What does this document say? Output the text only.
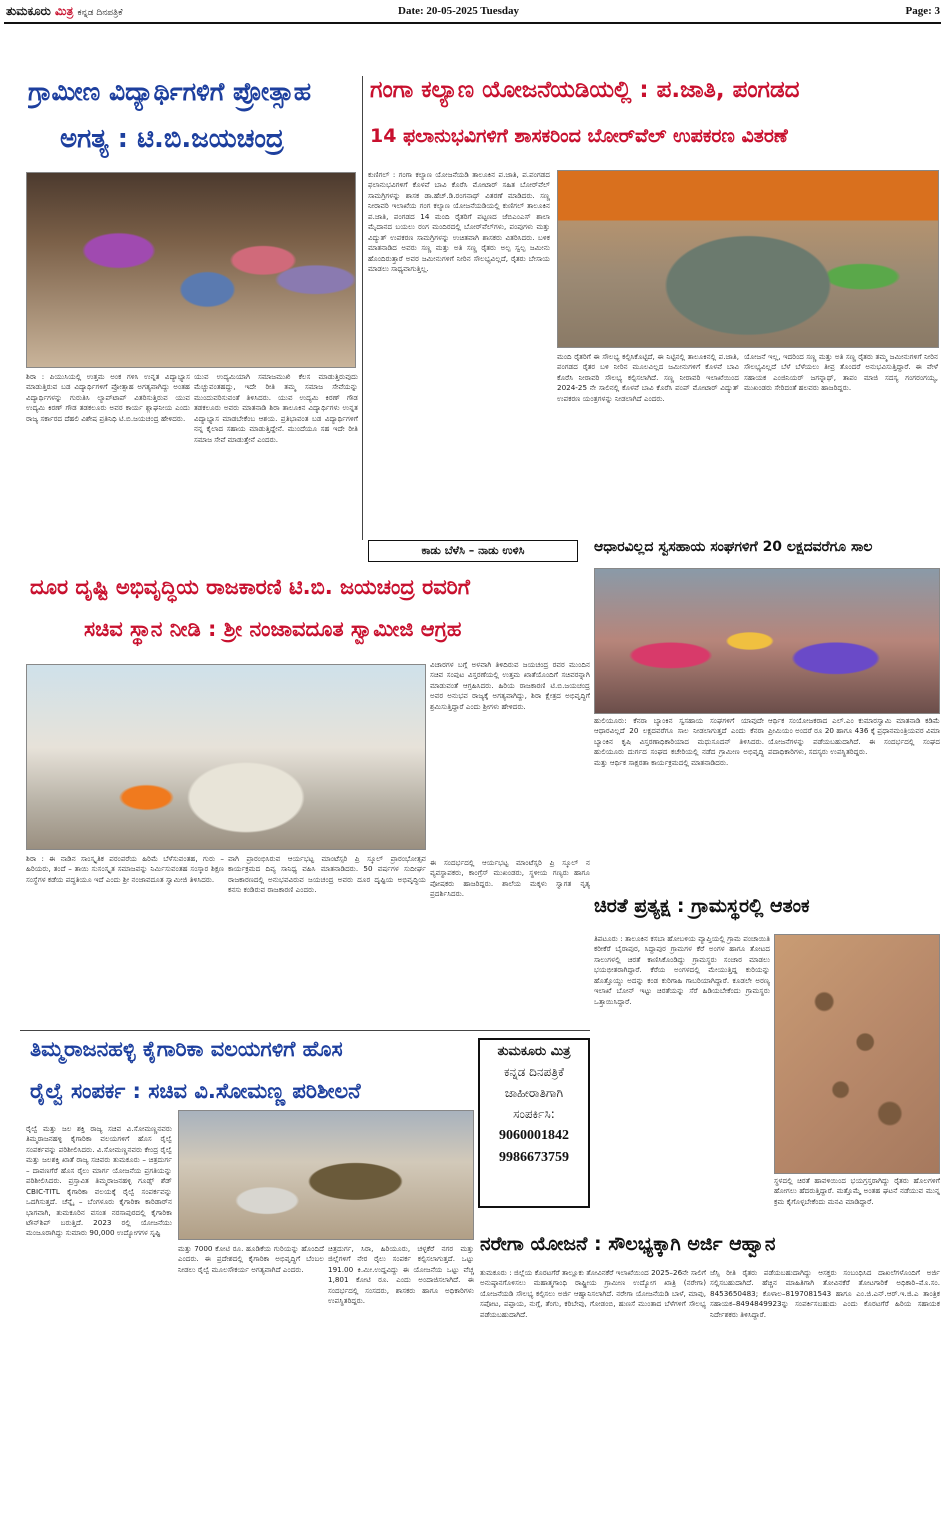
ತುಮಕೂರು ಮಿತ್ರ ಕನ್ನಡ ದಿನಪತ್ರಿಕೆ	Date: 20-05-2025 Tuesday	Page: 3
ಗ್ರಾಮೀಣ ವಿದ್ಯಾರ್ಥಿಗಳಿಗೆ ಪ್ರೋತ್ಸಾಹ
ಅಗತ್ಯ : ಟಿ.ಬಿ.ಜಯಚಂದ್ರ
ಶಿರಾ : ಪಿಯುಸಿಯಲ್ಲಿ ಉತ್ತಮ ಅಂಕ ಗಳಿಸಿ ಉನ್ನತ ವಿದ್ಯಾಭ್ಯಾಸ ಮಾಡುತ್ತಿರುವ ಬಡ ವಿದ್ಯಾರ್ಥಿಗಳಿಗೆ ಪ್ರೋತ್ಸಾಹ ಅಗತ್ಯವಾಗಿದ್ದು ಅಂತಹ ವಿದ್ಯಾರ್ಥಿಗಳನ್ನು ಗುರುತಿಸಿ ಲ್ಯಾಪ್‌ಟಾಪ್ ವಿತರಿಸುತ್ತಿರುವ ಯುವ ಉದ್ಯಮಿ ಕಿರಣ್ ಗೌಡ ತಡಕಲೂರು ಅವರ ಕಾರ್ಯ ಶ್ಲಾಘನೀಯ ಎಂದು ರಾಜ್ಯ ಸರ್ಕಾರದ ದೆಹಲಿ ವಿಶೇಷ ಪ್ರತಿನಿಧಿ ಟಿ.ಬಿ.ಜಯಚಂದ್ರ ಹೇಳಿದರು.
ಯುವ ಉದ್ಯಮಿಯಾಗಿ ಸಮಾಜಮುಖಿ ಕೆಲಸ ಮಾಡುತ್ತಿರುವುದು ಮೆಚ್ಚುವಂತಹದ್ದು, ಇದೇ ರೀತಿ ತಮ್ಮ ಸಮಾಜ ಸೇವೆಯನ್ನು ಮುಂದುವರಿಸುವಂತೆ ತಿಳಿಸಿದರು. ಯುವ ಉದ್ಯಮಿ ಕಿರಣ್ ಗೌಡ ತಡಕಲೂರು ಅವರು ಮಾತನಾಡಿ ಶಿರಾ ತಾಲೂಕಿನ ವಿದ್ಯಾರ್ಥಿಗಳು ಉನ್ನತ ವಿದ್ಯಾಭ್ಯಾಸ ಮಾಡಬೇಕೆಂಬ ಆಶಯ. ಪ್ರತಿಭಾವಂತ ಬಡ ವಿದ್ಯಾರ್ಥಿಗಳಿಗೆ ನನ್ನ ಕೈಲಾದ ಸಹಾಯ ಮಾಡುತ್ತಿದ್ದೇನೆ. ಮುಂದೆಯೂ ಸಹ ಇದೇ ರೀತಿ ಸಮಾಜ ಸೇವೆ ಮಾಡುತ್ತೇನೆ ಎಂದರು.
ಗಂಗಾ ಕಲ್ಯಾಣ ಯೋಜನೆಯಡಿಯಲ್ಲಿ : ಪ.ಜಾತಿ, ಪಂಗಡದ
14 ಫಲಾನುಭವಿಗಳಿಗೆ ಶಾಸಕರಿಂದ ಬೋರ್‌ವೆಲ್ ಉಪಕರಣ ವಿತರಣೆ
ಕುಣಿಗಲ್ : ಗಂಗಾ ಕಲ್ಯಾಣ ಯೋಜನೆಯಡಿ ತಾಲೂಕಿನ ಪ.ಜಾತಿ, ಪ.ಪಂಗಡದ ಫಲಾನುಭವಿಗಳಿಗೆ ಕೊಳವೆ ಬಾವಿ ಕೊರೆಸಿ ಮೋಟಾರ್ ಸಹಿತ ಬೋರ್‌ವೆಲ್ ಸಾಮಗ್ರಿಗಳನ್ನು ಶಾಸಕ ಡಾ.ಹೆಚ್.ಡಿ.ರಂಗನಾಥ್ ವಿತರಣೆ ಮಾಡಿದರು. ಸಣ್ಣ ನೀರಾವರಿ ಇಲಾಖೆಯ ಗಂಗ ಕಲ್ಯಾಣ ಯೋಜನೆಯಡಿಯಲ್ಲಿ ಕುಣಿಗಲ್ ತಾಲೂಕಿನ ಪ.ಜಾತಿ, ಪಂಗಡದ 14 ಮಂದಿ ರೈತರಿಗೆ ಪಟ್ಟಣದ ಜೆಬಿಎಂಎಸ್ ಶಾಲಾ ಮೈದಾನದ ಬಯಲು ರಂಗ ಮಂದಿರದಲ್ಲಿ ಬೋರ್‌ವೆಲ್‌ಗಳು, ಪಂಪುಗಳು ಮತ್ತು ವಿದ್ಯುತ್ ಉಪಕರಣ ಸಾಮಗ್ರಿಗಳನ್ನು ಉಚಿತವಾಗಿ ಶಾಸಕರು ವಿತರಿಸಿದರು. ಬಳಿಕ ಮಾತನಾಡಿದ ಅವರು ಸಣ್ಣ ಮತ್ತು ಅತಿ ಸಣ್ಣ ರೈತರು ಅಲ್ಪ ಸ್ವಲ್ಪ ಜಮೀನು ಹೊಂದಿರುತ್ತಾರೆ ಅವರ ಜಮೀನುಗಳಿಗೆ ನೀರಿನ ಸೌಲಭ್ಯವಿಲ್ಲದೆ, ರೈತರು ಬೇಸಾಯ ಮಾಡಲು ಸಾಧ್ಯವಾಗುತ್ತಿಲ್ಲ.
ಮಂದಿ ರೈತರಿಗೆ ಈ ಸೌಲಭ್ಯ ಕಲ್ಪಿಸಿಕೊಟ್ಟಿದೆ, ಈ ನಿಟ್ಟಿನಲ್ಲಿ ತಾಲೂಕಿನಲ್ಲಿ ಪ.ಜಾತಿ, ಪಂಗಡದ ರೈತರ ಬಳಿ ನೀರಿನ ಮೂಲವಿಲ್ಲದ ಜಮೀನುಗಳಿಗೆ ಕೊಳವೆ ಬಾವಿ ಕೊರೆಸಿ ನೀರಾವರಿ ಸೌಲಭ್ಯ ಕಲ್ಪಿಸಲಾಗಿದೆ. ಸಣ್ಣ ನೀರಾವರಿ ಇಲಾಖೆಯಿಂದ 2024-25 ನೇ ಸಾಲಿನಲ್ಲಿ ಕೊಳವೆ ಬಾವಿ ಕೊರೆಸಿ ಪಂಪ್ ಮೋಟಾರ್ ವಿದ್ಯುತ್ ಉಪಕರಣ ಯಂತ್ರಗಳನ್ನು ನೀಡಲಾಗಿದೆ ಎಂದರು.
ಯೋಜನೆ ಇಲ್ಲ, ಇದರಿಂದ ಸಣ್ಣ ಮತ್ತು ಅತಿ ಸಣ್ಣ ರೈತರು ತಮ್ಮ ಜಮೀನುಗಳಿಗೆ ನೀರಿನ ಸೌಲಭ್ಯವಿಲ್ಲದೆ ಬೆಳೆ ಬೆಳೆಯಲು ತೀವ್ರ ತೊಂದರೆ ಅನುಭವಿಸುತ್ತಿದ್ದಾರೆ. ಈ ವೇಳೆ ಸಹಾಯಕ ಎಂಜಿನಿಯರ್ ಜಗನ್ನಾಥ್, ತಾಪಂ ಮಾಜಿ ಸದಸ್ಯ ಗಂಗರಂಗಯ್ಯ, ಮುಖಂಡರು ಸೇರಿದಂತೆ ಹಲವರು ಹಾಜರಿದ್ದರು.
ಕಾಡು ಬೆಳೆಸಿ – ನಾಡು ಉಳಿಸಿ	ಆಧಾರವಿಲ್ಲದ ಸ್ವಸಹಾಯ ಸಂಘಗಳಿಗೆ 20 ಲಕ್ಷದವರೆಗೂ ಸಾಲ
ಹುಲಿಯೂರು: ಕೆನರಾ ಬ್ಯಾಂಕಿನ ಸ್ವಸಹಾಯ ಸಂಘಗಳಿಗೆ ಯಾವುದೇ ಆಧಾರವಿಲ್ಲದೆ 20 ಲಕ್ಷದವರೆಗೂ ಸಾಲ ನೀಡಲಾಗುತ್ತದೆ ಎಂದು ಕೆನರಾ ಬ್ಯಾಂಕಿನ ಕೃಷಿ ವಿಸ್ತರಣಾಧಿಕಾರಿಯಾದ ಮಧುಸೂದನ್ ತಿಳಿಸಿದರು. ಹುಲಿಯೂರು ದುರ್ಗದ ಸಂಘದ ಕಚೇರಿಯಲ್ಲಿ ನಡೆದ ಗ್ರಾಮೀಣ ಅಭಿವೃದ್ಧಿ ಮತ್ತು ಆರ್ಥಿಕ ಸಾಕ್ಷರತಾ ಕಾರ್ಯಕ್ರಮದಲ್ಲಿ ಮಾತನಾಡಿದರು.
ಆರ್ಥಿಕ ಸಂಯೋಜಕರಾದ ಎಲ್.ಎಂ ಕುಮಾರಸ್ವಾಮಿ ಮಾತನಾಡಿ ಕಡಿಮೆ ಪ್ರೀಮಿಯಂ ಅಂದರೆ ರೂ 20 ಹಾಗೂ 436 ಕ್ಕೆ ಪ್ರಧಾನಮಂತ್ರಿಯವರ ವಿಮಾ ಯೋಜನೆಗಳನ್ನು ಪಡೆಯಬಹುದಾಗಿದೆ. ಈ ಸಂದರ್ಭದಲ್ಲಿ ಸಂಘದ ಪದಾಧಿಕಾರಿಗಳು, ಸದಸ್ಯರು ಉಪಸ್ಥಿತರಿದ್ದರು.
ದೂರ ದೃಷ್ಟಿ ಅಭಿವೃದ್ಧಿಯ ರಾಜಕಾರಣಿ ಟಿ.ಬಿ. ಜಯಚಂದ್ರ ರವರಿಗೆ
ಸಚಿವ ಸ್ಥಾನ ನೀಡಿ : ಶ್ರೀ ನಂಜಾವದೂತ ಸ್ವಾಮೀಜಿ ಆಗ್ರಹ
ವಿಚಾರಗಳ ಬಗ್ಗೆ ಅಳವಾಗಿ ತಿಳಿದಿರುವ ಜಯಚಂದ್ರ ರವರ ಮುಂದಿನ ಸಚಿವ ಸಂಪುಟ ವಿಸ್ತರಣೆಯಲ್ಲಿ ಉತ್ತಮ ಖಾತೆಯೊಂದಿಗೆ ಸಚಿವರನ್ನಾಗಿ ಮಾಡುವಂತೆ ಆಗ್ರಹಿಸಿದರು. ಹಿರಿಯ ರಾಜಕಾರಣಿ ಟಿ.ಬಿ.ಜಯಚಂದ್ರ ಅವರ ಅನುಭವ ರಾಜ್ಯಕ್ಕೆ ಅಗತ್ಯವಾಗಿದ್ದು, ಶಿರಾ ಕ್ಷೇತ್ರದ ಅಭಿವೃದ್ಧಿಗೆ ಶ್ರಮಿಸುತ್ತಿದ್ದಾರೆ ಎಂದು ಶ್ರೀಗಳು ಹೇಳಿದರು.
ಶಿರಾ : ಈ ನಾಡಿನ ಸಾಂಸ್ಕೃತಿಕ ಪರಂಪರೆಯ ಹಿರಿಮೆ ಬೆಳೆಸುವಂತಹ, ಗುರು – ಹಿರಿಯರು, ತಂದೆ – ತಾಯಿ ಸುಸಂಸ್ಕೃತ ಸಮಾಜವನ್ನು ನಿರ್ಮಿಸುವಂತಹ ಸಂಸ್ಕಾರ ಶಿಕ್ಷಣ ಸಂಸ್ಥೆಗಳ ಕಡೆಯ ಪದ್ಧತಿಯೂ ಇದೆ ಎಂದು ಶ್ರೀ ನಂಜಾವದೂತ ಸ್ವಾಮೀಜಿ ತಿಳಿಸಿದರು.
ವಾಗಿ ಪ್ರಾರಂಭಿಸಿರುವ ಆರ್ಯಭಟ್ಟ ಮಾಂಟೆಸ್ಸರಿ ಪ್ರಿ ಸ್ಕೂಲ್ ಪ್ರಾರಂಭೋತ್ಸವ ಕಾರ್ಯಕ್ರಮದ ದಿವ್ಯ ಸಾನಿಧ್ಯ ವಹಿಸಿ ಮಾತನಾಡಿದರು. 50 ವರ್ಷಗಳ ಸುದೀರ್ಘ ರಾಜಕಾರಣದಲ್ಲಿ ಅನುಭವವಿರುವ ಜಯಚಂದ್ರ ಅವರು ದೂರ ದೃಷ್ಟಿಯ ಅಭಿವೃದ್ಧಿಯ ಕನಸು ಕಂಡಿರುವ ರಾಜಕಾರಣಿ ಎಂದರು.
ಈ ಸಂದರ್ಭದಲ್ಲಿ ಆರ್ಯಭಟ್ಟ ಮಾಂಟೆಸ್ಸರಿ ಪ್ರಿ ಸ್ಕೂಲ್ ನ ವ್ಯವಸ್ಥಾಪಕರು, ಕಾಂಗ್ರೆಸ್ ಮುಖಂಡರು, ಸ್ಥಳೀಯ ಗಣ್ಯರು ಹಾಗೂ ಪೋಷಕರು ಹಾಜರಿದ್ದರು. ಶಾಲೆಯ ಮಕ್ಕಳು ಸ್ವಾಗತ ನೃತ್ಯ ಪ್ರದರ್ಶಿಸಿದರು.
ಚಿರತೆ ಪ್ರತ್ಯಕ್ಷ : ಗ್ರಾಮಸ್ಥರಲ್ಲಿ ಆತಂಕ
ತಿಪಟೂರು : ತಾಲೂಕಿನ ಕಸಬಾ ಹೋಬಳಿಯ ವ್ಯಾಪ್ತಿಯಲ್ಲಿ ಗ್ರಾಮ ಪಂಚಾಯಿತಿ ಕರೀಕೆರೆ ಬೈರಾಪುರ, ಸಿದ್ದಾಪುರ ಗ್ರಾಮಗಳ ಕೆರೆ ಅಂಗಳ ಹಾಗೂ ತೋಟದ ಸಾಲುಗಳಲ್ಲಿ ಚಿರತೆ ಕಾಣಿಸಿಕೊಂಡಿದ್ದು ಗ್ರಾಮಸ್ಥರು ಸಂಚಾರ ಮಾಡಲು ಭಯಭೀತರಾಗಿದ್ದಾರೆ. ಕೆರೆಯ ಅಂಗಳದಲ್ಲಿ ಮೇಯುತ್ತಿದ್ದ ಕುರಿಯನ್ನು ಹೊತ್ತೊಯ್ದು ಅದನ್ನು ಕಂಡ ಕುರಿಗಾಹಿ ಗಾಬರಿಯಾಗಿದ್ದಾರೆ. ಕೂಡಲೇ ಅರಣ್ಯ ಇಲಾಖೆ ಬೋನ್ ಇಟ್ಟು ಚಿರತೆಯನ್ನು ಸೆರೆ ಹಿಡಿಯಬೇಕೆಂದು ಗ್ರಾಮಸ್ಥರು ಒತ್ತಾಯಿಸಿದ್ದಾರೆ.
ಸ್ಥಳದಲ್ಲಿ ಚಿರತೆ ಹಾವಳಿಯಿಂದ ಭಯಗ್ರಸ್ತರಾಗಿದ್ದು ರೈತರು ಹೊಲಗಳಿಗೆ ಹೋಗಲು ಹೆದರುತ್ತಿದ್ದಾರೆ. ಮತ್ತೊಮ್ಮೆ ಅಂತಹ ಘಟನೆ ನಡೆಯುವ ಮುನ್ನ ಕ್ರಮ ಕೈಗೊಳ್ಳಬೇಕೆಂದು ಮನವಿ ಮಾಡಿದ್ದಾರೆ.
ತಿಮ್ಮರಾಜನಹಳ್ಳಿ ಕೈಗಾರಿಕಾ ವಲಯಗಳಿಗೆ ಹೊಸ
ರೈಲ್ವೆ ಸಂಪರ್ಕ : ಸಚಿವ ವಿ.ಸೋಮಣ್ಣ ಪರಿಶೀಲನೆ
ರೈಲ್ವೆ ಮತ್ತು ಜಲ ಶಕ್ತಿ ರಾಜ್ಯ ಸಚಿವ ವಿ.ಸೋಮಣ್ಣನವರು ತಿಮ್ಮರಾಜನಹಳ್ಳಿ ಕೈಗಾರಿಕಾ ವಲಯಗಳಿಗೆ ಹೊಸ ರೈಲ್ವೆ ಸಂಪರ್ಕವನ್ನು ಪರಿಶೀಲಿಸಿದರು. ವಿ.ಸೋಮಣ್ಣನವರು ಕೇಂದ್ರ ರೈಲ್ವೆ ಮತ್ತು ಜಲಶಕ್ತಿ ಖಾತೆ ರಾಜ್ಯ ಸಚಿವರು ತುಮಕೂರು – ಚಿತ್ರದುರ್ಗ – ದಾವಣಗೆರೆ ಹೊಸ ರೈಲು ಮಾರ್ಗ ಯೋಜನೆಯ ಪ್ರಗತಿಯನ್ನು ಪರಿಶೀಲಿಸಿದರು. ಪ್ರಸ್ತಾವಿತ ತಿಮ್ಮರಾಜನಹಳ್ಳಿ ಗೂಡ್ಸ್ ಶೆಡ್ CBIC-TITL ಕೈಗಾರಿಕಾ ವಲಯಕ್ಕೆ ರೈಲ್ವೆ ಸಂಪರ್ಕವನ್ನು ಒದಗಿಸುತ್ತದೆ. ಚೆನ್ನೈ – ಬೆಂಗಳೂರು ಕೈಗಾರಿಕಾ ಕಾರಿಡಾರ್‌ನ ಭಾಗವಾಗಿ, ತುಮಕೂರಿನ ವಸಂತ ನರಸಾಪುರದಲ್ಲಿ ಕೈಗಾರಿಕಾ ಟೌನ್‌ಶಿಪ್ ಬರುತ್ತಿದೆ. 2023 ರಲ್ಲಿ ಯೋಜನೆಯು ಮಂಜೂರಾಗಿದ್ದು ಸುಮಾರು 90,000 ಉದ್ಯೋಗಗಳ ಸೃಷ್ಟಿ
ಮತ್ತು 7000 ಕೋಟಿ ರೂ. ಹೂಡಿಕೆಯ ಗುರಿಯನ್ನು ಹೊಂದಿದೆ ಎಂದರು. ಈ ಪ್ರದೇಶದಲ್ಲಿ ಕೈಗಾರಿಕಾ ಅಭಿವೃದ್ಧಿಗೆ ಬೆಂಬಲ ನೀಡಲು ರೈಲ್ವೆ ಮೂಲಸೌಕರ್ಯ ಅಗತ್ಯವಾಗಿದೆ ಎಂದರು.
ಚಿತ್ರದುರ್ಗ, ಸಿರಾ, ಹಿರಿಯೂರು, ಚಳ್ಳಕೆರೆ ನಗರ ಮತ್ತು ಜಿಲ್ಲೆಗಳಿಗೆ ನೇರ ರೈಲು ಸಂಪರ್ಕ ಕಲ್ಪಿಸಲಾಗುತ್ತದೆ. ಒಟ್ಟು 191.00 ಕಿ.ಮೀ.ಉದ್ದವಿದ್ದು ಈ ಯೋಜನೆಯ ಒಟ್ಟು ವೆಚ್ಚ 1,801 ಕೋಟಿ ರೂ. ಎಂದು ಅಂದಾಜಿಸಲಾಗಿದೆ. ಈ ಸಂದರ್ಭದಲ್ಲಿ ಸಂಸದರು, ಶಾಸಕರು ಹಾಗೂ ಅಧಿಕಾರಿಗಳು ಉಪಸ್ಥಿತರಿದ್ದರು.
ತುಮಕೂರು ಮಿತ್ರ
ಕನ್ನಡ ದಿನಪತ್ರಿಕೆ
ಜಾಹೀರಾತಿಗಾಗಿ
ಸಂಪರ್ಕಿಸಿ:
9060001842
9986673759
ನರೇಗಾ ಯೋಜನೆ : ಸೌಲಭ್ಯಕ್ಕಾಗಿ ಅರ್ಜಿ ಆಹ್ವಾನ
ತುಮಕೂರು : ಜಿಲ್ಲೆಯ ಕೊರಟಗೆರೆ ತಾಲ್ಲೂಕು ತೋವಿನಕೆರೆ ಇಲಾಖೆಯಿಂದ 2025–26ನೇ ಸಾಲಿಗೆ ಅನುಷ್ಠಾನಗೊಳಿಸಲು ಮಹಾತ್ಮಗಾಂಧಿ ರಾಷ್ಟ್ರೀಯ ಗ್ರಾಮೀಣ ಉದ್ಯೋಗ ಖಾತ್ರಿ (ನರೇಗಾ) ಯೋಜನೆಯಡಿ ಸೌಲಭ್ಯ ಕಲ್ಪಿಸಲು ಅರ್ಜಿ ಆಹ್ವಾನಿಸಲಾಗಿದೆ. ನರೇಗಾ ಯೋಜನೆಯಡಿ ಬಾಳೆ, ಮಾವು, ಸಪೋಟ, ಪಪ್ಪಾಯ, ನುಗ್ಗೆ, ತೆಂಗು, ಕರಿಬೇವು, ಗೋಡಂಬಿ, ಹುಣಸೆ ಮುಂತಾದ ಬೆಳೆಗಳಿಗೆ ಸೌಲಭ್ಯ ಪಡೆಯಬಹುದಾಗಿದೆ.
ಜೆಸ್ಸಿ ರೀತಿ ರೈತರು ಪಡೆಯಬಹುದಾಗಿದ್ದು ಆಸಕ್ತರು ಸಂಬಂಧಿಸಿದ ದಾಖಲೆಗಳೊಂದಿಗೆ ಅರ್ಜಿ ಸಲ್ಲಿಸಬಹುದಾಗಿದೆ. ಹೆಚ್ಚಿನ ಮಾಹಿತಿಗಾಗಿ ತೋವಿನಕೆರೆ ತೋಟಗಾರಿಕೆ ಅಧಿಕಾರಿ–ಮೊ.ಸಂ. 8453650483; ಕೊಳಾಲ–8197081543 ಹಾಗೂ ಎಂ.ಜಿ.ಎನ್.ಆರ್.ಇ.ಜಿ.ಎ ತಾಂತ್ರಿಕ ಸಹಾಯಕ–8494849923ನ್ನು ಸಂಪರ್ಕಿಸಬಹುದು ಎಂದು ಕೊರಟಗೆರೆ ಹಿರಿಯ ಸಹಾಯಕ ನಿರ್ದೇಶಕರು ತಿಳಿಸಿದ್ದಾರೆ.
